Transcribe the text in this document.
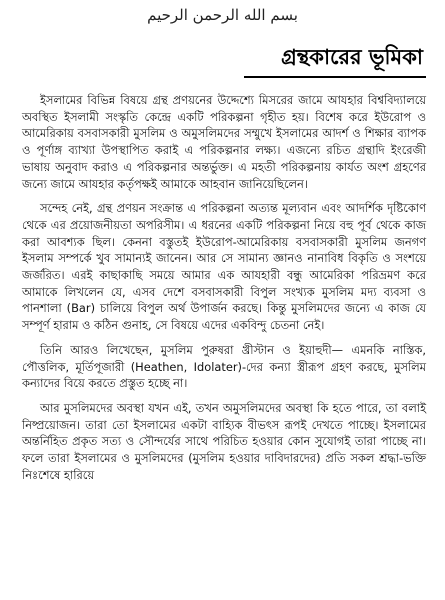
بسم الله الرحمن الرحيم
গ্রন্থকারের ভূমিকা

ইসলামের বিভিন্ন বিষয়ে গ্রন্থ প্রণয়নের উদ্দেশ্যে মিসরের জামে আযহার বিশ্ববিদ্যালয়ে অবস্থিত ইসলামী সংস্কৃতি কেন্দ্রে একটি পরিকল্পনা গৃহীত হয়। বিশেষ করে ইউরোপ ও আমেরিকায় বসবাসকারী মুসলিম ও অমুসলিমদের সম্মুখে ইসলামের আদর্শ ও শিক্ষার ব্যাপক ও পূর্ণাঙ্গ ব্যাখ্যা উপস্থাপিত করাই এ পরিকল্পনার লক্ষ্য। এজন্যে রচিত গ্রন্থাদি ইংরেজী ভাষায় অনুবাদ করাও এ পরিকল্পনার অন্তর্ভুক্ত। এ মহতী পরিকল্পনায় কার্যত অংশ গ্রহণের জন্যে জামে আযহার কর্তৃপক্ষই আমাকে আহবান জানিয়েছিলেন।

সন্দেহ নেই, গ্রন্থ প্রণয়ন সংক্রান্ত এ পরিকল্পনা অত্যন্ত মূল্যবান এবং আদর্শিক দৃষ্টিকোণ থেকে এর প্রয়োজনীয়তা অপরিসীম। এ ধরনের একটি পরিকল্পনা নিয়ে বহু পূর্ব থেকে কাজ করা আবশ্যক ছিল। কেননা বস্তুতই ইউরোপ-আমেরিকায় বসবাসকারী মুসলিম জনগণ ইসলাম সম্পর্কে খুব সামান্যই জানেন। আর সে সামান্য জ্ঞানও নানাবিধ বিকৃতি ও সংশয়ে জর্জরিত। এরই কাছাকাছি সময়ে আমার এক আযহারী বন্ধু আমেরিকা পরিভ্রমণ করে আমাকে লিখলেন যে, এসব দেশে বসবাসকারী বিপুল সংখ্যক মুসলিম মদ্য ব্যবসা ও পানশালা (Bar) চালিয়ে বিপুল অর্থ উপার্জন করছে। কিন্তু মুসলিমদের জন্যে এ কাজ যে সম্পূর্ণ হারাম ও কঠিন গুনাহ, সে বিষয়ে এদের একবিন্দু চেতনা নেই।

তিনি আরও লিখেছেন, মুসলিম পুরুষরা খ্রীস্টান ও ইয়াহুদী— এমনকি নাস্তিক, পৌত্তলিক, মূর্তিপূজারী (Heathen, Idolater)-দের কন্যা স্ত্রীরূপ গ্রহণ করছে, মুসলিম কন্যাদের বিয়ে করতে প্রস্তুত হচ্ছে না।

আর মুসলিমদের অবস্থা যখন এই, তখন অমুসলিমদের অবস্থা কি হতে পারে, তা বলাই নিষ্প্রয়োজন। তারা তো ইসলামের একটা বাহ্যিক বীভৎস রূপই দেখতে পাচ্ছে। ইসলামের অন্তর্নিহিত প্রকৃত সত্য ও সৌন্দর্যের সাথে পরিচিত হওয়ার কোন সুযোগই তারা পাচ্ছে না। ফলে তারা ইসলামের ও মুসলিমদের (মুসলিম হওয়ার দাবিদারদের) প্রতি সকল শ্রদ্ধা-ভক্তি নিঃশেষে হারিয়ে
